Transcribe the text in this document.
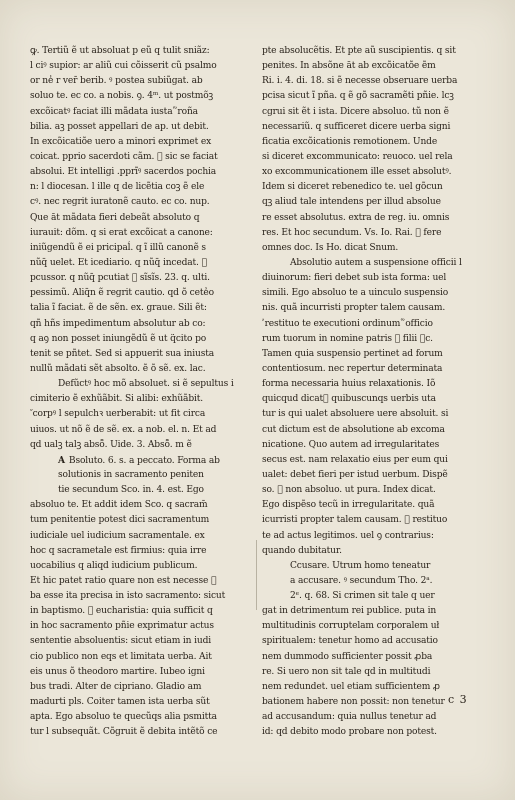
ꝙ. Tertiũ ẽ ut absoluat p eũ q tulit sniãz:
l ciꝰ supior: ar aliũ cui cõisserit cũ psalmo
or ne̾ r ver̄ berib. ꝰ postea subiũgat. ab
soluo te. ec co. a nobis. ꝯ. 4ᵐ. ut postmõꝫ
excõicatꝰ faciat illi mãdata iusta ᷑ roña
bilia. aꝫ posset appellari de ap. ut debit.
In excõicatiõe uero a minori exprimet ex
coicat. pprio sacerdoti cãm. ᷑ sic se faciat
absolui. Et intelligi .pprĩꝰ sacerdos pochia
n: l diocesan. l ille q de licẽtia coꝫ ẽ ele
cꝰ. nec regrit iuratonẽ cauto. ec co. nup.
Que āt mãdata fieri debeãt absoluto q
iurauit: dõm. q si erat excõicat a canone:
iniũgendũ ẽ ei pricipaĺ. q ĩ illũ canonẽ s
nũq̄ uelet. Et icediario. q nũq̄ incedat. ᷑
pcussor. q nũq̄ pcutiat ᷑ sĩsĩs. 23. q. ulti.
pessimũ. Aliq̄n ẽ regrit cautio. qd õ cete̾o
talia ĩ faciat. ẽ de sẽn. ex. graue. Sili ẽt:
qñ hñs impedimentum absolutur ab co:
q aꝯ non posset iniungẽdũ ẽ ut q̈cito po
tenit se pñtet. Sed si appuerit sua iniusta
nullũ mãdati sẽt absolto. ẽ õ sẽ. ex. lac.
Defũctꝰ hoc mõ absoluet. si ẽ sepultus i
cimiterio ẽ exhũãbit. Si alibi: exhũãbit.
ᷓ corpꝰ l sepulchꝛ uerberabit: ut fit circa
uiuos. ut nõ ẽ de sẽ. ex. a nob. el. n. Et ad
qd ualꝫ talꝫ absȭ. Uide. 3. Absȭ. m ẽ
A Bsoluto. 6. s. a peccato. Forma ab
solutionis in sacramento peniten
tie secundum Sco. in. 4. est. Ego
absoluo te. Et addit idem Sco. q sacram̄
tum penitentie potest dici sacramentum
iudiciale uel iudicium sacramentale. ex
hoc q sacrametale est firmius: quia irre
uocabilius q aliqd iudicium publicum.
Et hic patet ratio quare non est necesse ᷑
ba esse ita precisa in isto sacramento: sicut
in baptismo. ᷑ eucharistia: quia sufficit q
in hoc sacramento pñie exprimatur actus
sententie absoluentis: sicut etiam in iudi
cio publico non eqs et limitata uerba. Ait
eis unus õ theodoro martire. Iubeo igni
bus tradi. Alter de cipriano. Gladio am
madurti pls. Coiter tamen ista uerba sũt
apta. Ego absoluo te quecũqs alia psmitta
tur l subsequãt. Cõgruit ẽ debita intẽtõ ce
pte absolucẽtis. Et pte aũ suscipientis. q sit
penites. In absõne āt ab excõicatõe ẽm
Ri. i. 4. di. 18. si ẽ necesse obseruare uerba
pcisa sicut ĩ pña. q ẽ gõ sacramẽti pñie. lcꝫ
cgrui sit ẽt i ista. Dicere absoluo. tũ non ẽ
necessariũ. q sufficeret dicere uerba signi
ficatia excõicationis remotionem. Unde
si diceret excommunicato: reuoco. uel rela
xo excommunicationem ille esset absolutꝰ.
Idem si diceret rebenedico te. uel gõcun
qꝫ aliud tale intendens per illud absolue
re esset absolutus. extra de reg. iu. omnis
res. Et hoc secundum. Vs. Io. Rai. ᷑ fere
omnes doc. Is Ho. dicat Snum.
Absolutio autem a suspensione officii l
diuinorum: fieri debet sub ista forma: uel
simili. Ego absoluo te a uinculo suspensio
nis. quã incurristi propter talem causam.
᷑ restituo te executioni ordinum ᷑ officio
rum tuorum in nomine patris ᷑ filii ᷑c.
Tamen quia suspensio pertinet ad forum
contentiosum. nec repertur determinata
forma necessaria huius relaxationis. Iõ
quicqud dicat᷑ quibuscunqs uerbis uta
tur is qui ualet absoluere uere absoluit. si
cut dictum est de absolutione ab excoma
nicatione. Quo autem ad irregularitates
secus est. nam relaxatio eius per eum qui
ualet: debet fieri per istud uerbum. Dispẽ
so. ᷑ non absoluo. ut pura. Index dicat.
Ego dispẽso tecũ in irregularitate. quã
icurristi propter talem causam. ᷑ restituo
te ad actus legitimos. uel ꝯ contrarius:
quando dubitatur.
Ccusare. Utrum homo teneatur
a accusare. ꝰ secundum Tho. 2ᵃ.
2ᵉ. q. 68. Si crimen sit tale q uer
gat in detrimentum rei publice. puta in
multitudinis corruptelam corporalem uł
spiritualem: tenetur homo ad accusatio
nem dummodo sufficienter possit ꝓba
re. Si uero non sit tale qd in multitudi
nem redundet. uel etiam sufficientem ꝓ
bationem habere non possit: non tenetur
ad accusandum: quia nullus tenetur ad
id: qd debito modo probare non potest.
c 3
